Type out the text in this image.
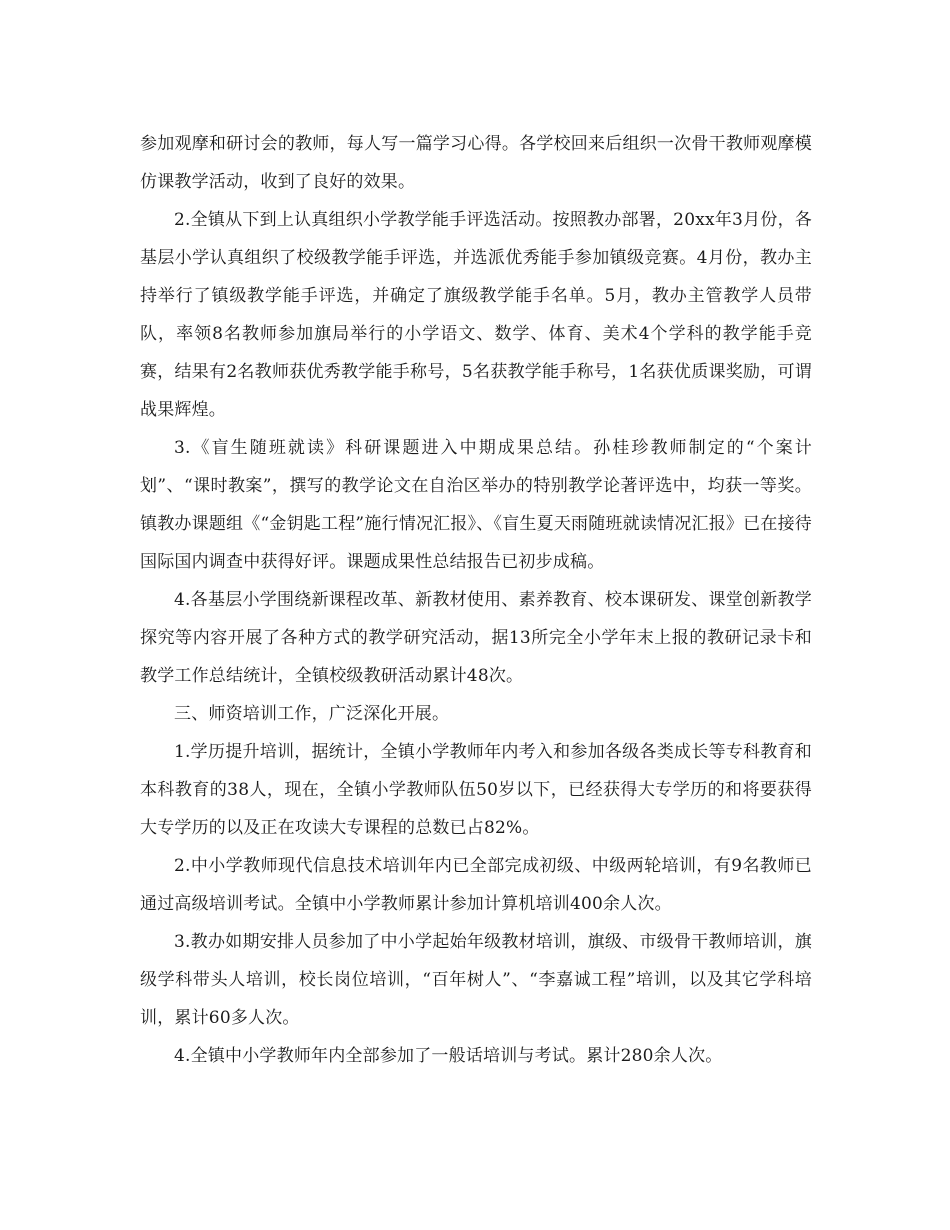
参加观摩和研讨会的教师，每人写一篇学习心得。各学校回来后组织一次骨干教师观摩模仿课教学活动，收到了良好的效果。

2.全镇从下到上认真组织小学教学能手评选活动。按照教办部署，20xx年3月份，各基层小学认真组织了校级教学能手评选，并选派优秀能手参加镇级竞赛。4月份，教办主持举行了镇级教学能手评选，并确定了旗级教学能手名单。5月，教办主管教学人员带队，率领8名教师参加旗局举行的小学语文、数学、体育、美术4个学科的教学能手竞赛，结果有2名教师获优秀教学能手称号，5名获教学能手称号，1名获优质课奖励，可谓战果辉煌。

3.《盲生随班就读》科研课题进入中期成果总结。孙桂珍教师制定的“个案计划”、“课时教案”，撰写的教学论文在自治区举办的特别教学论著评选中，均获一等奖。镇教办课题组《“金钥匙工程”施行情况汇报》、《盲生夏天雨随班就读情况汇报》已在接待国际国内调查中获得好评。课题成果性总结报告已初步成稿。

4.各基层小学围绕新课程改革、新教材使用、素养教育、校本课研发、课堂创新教学探究等内容开展了各种方式的教学研究活动，据13所完全小学年末上报的教研记录卡和教学工作总结统计，全镇校级教研活动累计48次。

三、师资培训工作，广泛深化开展。

1.学历提升培训，据统计，全镇小学教师年内考入和参加各级各类成长等专科教育和本科教育的38人，现在，全镇小学教师队伍50岁以下，已经获得大专学历的和将要获得大专学历的以及正在攻读大专课程的总数已占82%。

2.中小学教师现代信息技术培训年内已全部完成初级、中级两轮培训，有9名教师已通过高级培训考试。全镇中小学教师累计参加计算机培训400余人次。

3.教办如期安排人员参加了中小学起始年级教材培训，旗级、市级骨干教师培训，旗级学科带头人培训，校长岗位培训，“百年树人”、“李嘉诚工程”培训，以及其它学科培训，累计60多人次。

4.全镇中小学教师年内全部参加了一般话培训与考试。累计280余人次。
